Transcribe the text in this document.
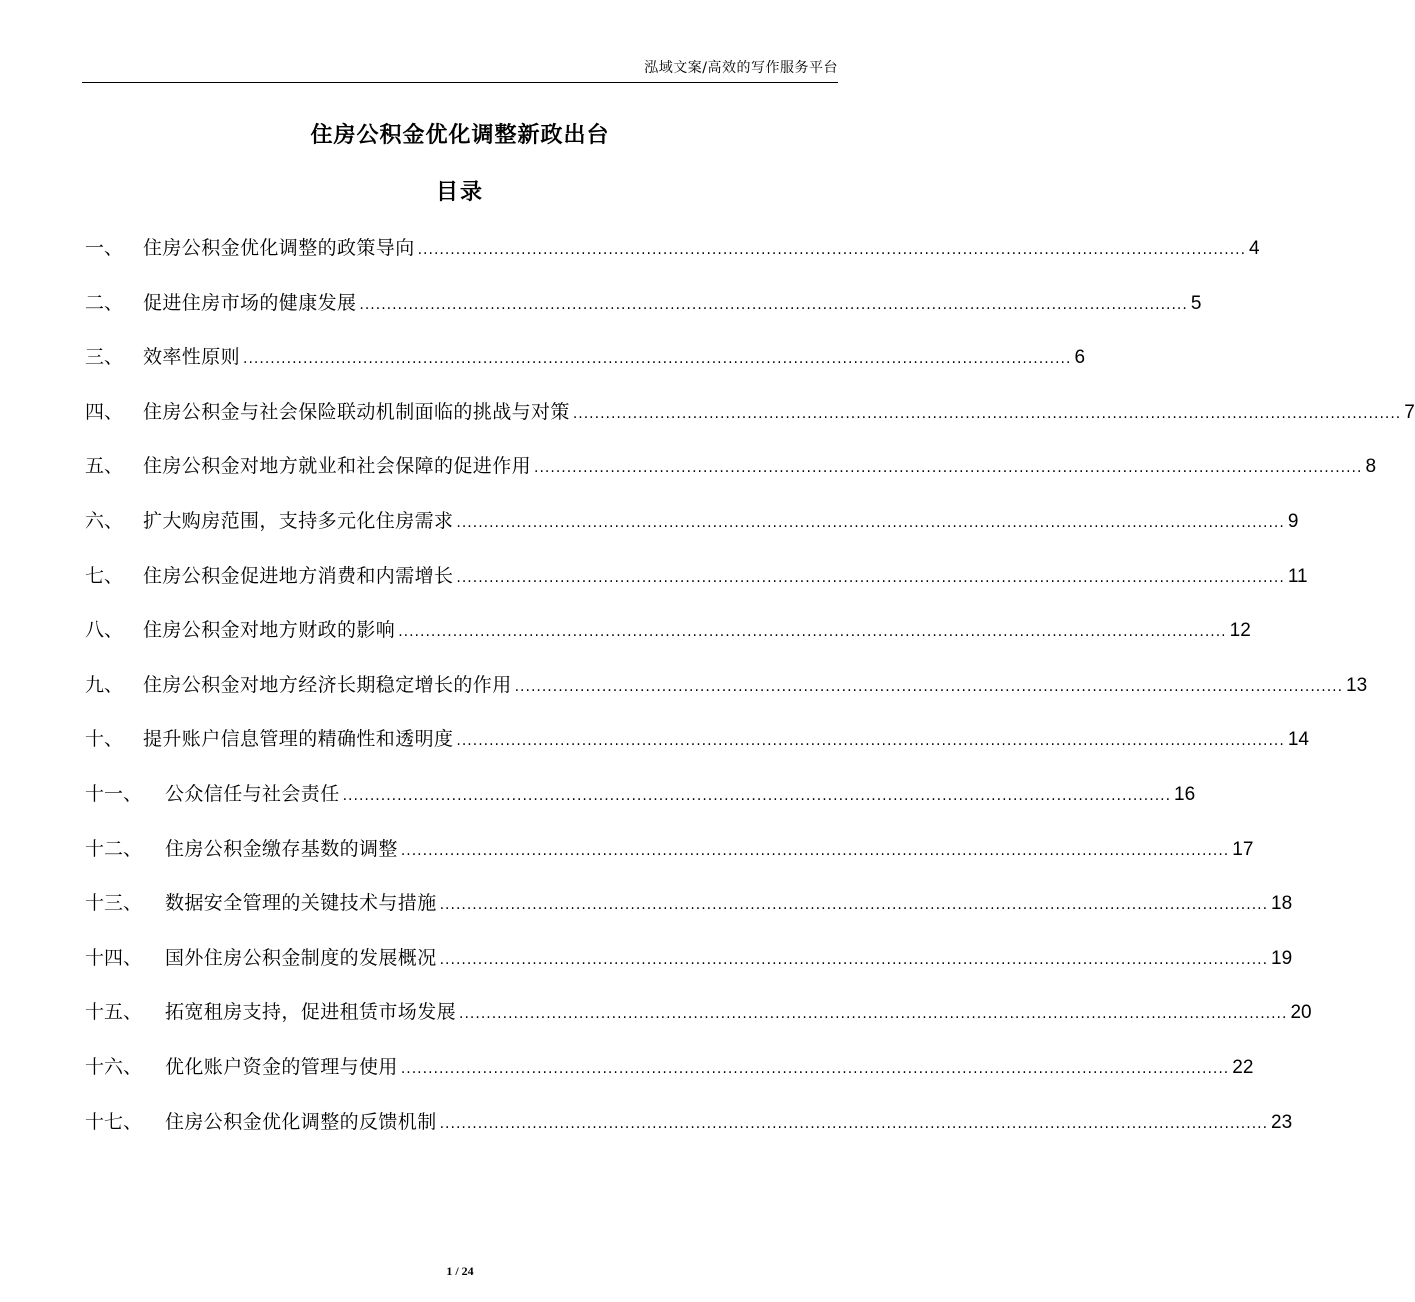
泓域文案/高效的写作服务平台
住房公积金优化调整新政出台
目录
一、	住房公积金优化调整的政策导向 ........................................................................................................................................................ 4
二、	促进住房市场的健康发展 ........................................................................................................................................................ 5
三、	效率性原则 ........................................................................................................................................................ 6
四、	住房公积金与社会保险联动机制面临的挑战与对策 ........................................................................................................................................................ 7
五、	住房公积金对地方就业和社会保障的促进作用 ........................................................................................................................................................ 8
六、	扩大购房范围，支持多元化住房需求 ........................................................................................................................................................ 9
七、	住房公积金促进地方消费和内需增长 ........................................................................................................................................................ 11
八、	住房公积金对地方财政的影响 ........................................................................................................................................................ 12
九、	住房公积金对地方经济长期稳定增长的作用 ........................................................................................................................................................ 13
十、	提升账户信息管理的精确性和透明度 ........................................................................................................................................................ 14
十一、	公众信任与社会责任 ........................................................................................................................................................ 16
十二、	住房公积金缴存基数的调整 ........................................................................................................................................................ 17
十三、	数据安全管理的关键技术与措施 ........................................................................................................................................................ 18
十四、	国外住房公积金制度的发展概况 ........................................................................................................................................................ 19
十五、	拓宽租房支持，促进租赁市场发展 ........................................................................................................................................................ 20
十六、	优化账户资金的管理与使用 ........................................................................................................................................................ 22
十七、	住房公积金优化调整的反馈机制 ........................................................................................................................................................ 23
1 / 24
